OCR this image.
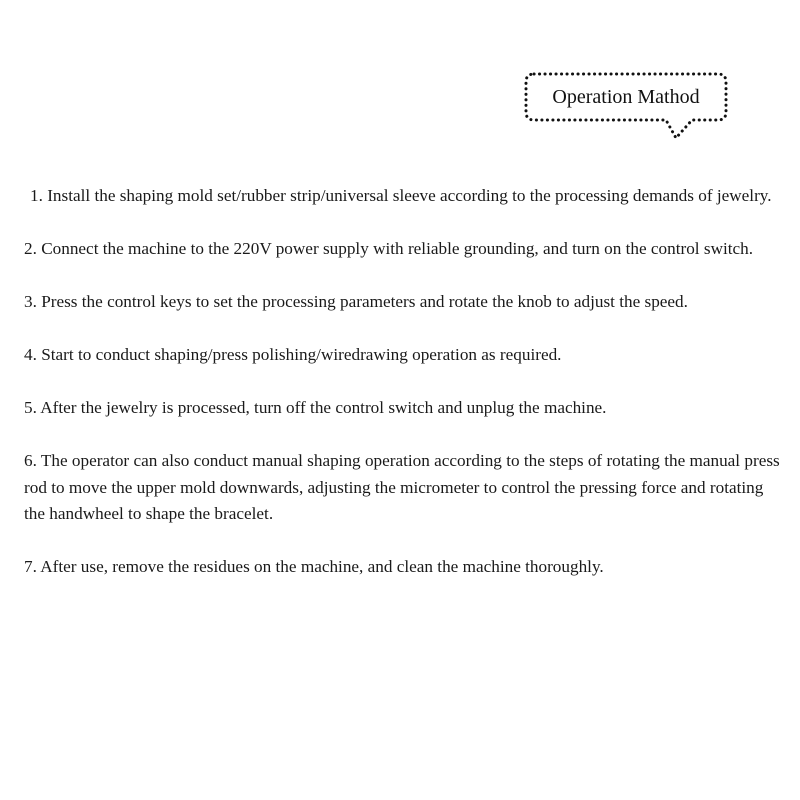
Operation Mathod
1. Install the shaping mold set/rubber strip/universal sleeve according to the processing demands of jewelry.
2. Connect the machine to the 220V power supply with reliable grounding, and turn on the control switch.
3. Press the control keys to set the processing parameters and rotate the knob to adjust the speed.
4. Start to conduct shaping/press polishing/wiredrawing operation as required.
5. After the jewelry is processed, turn off the control switch and unplug the machine.
6. The operator can also conduct manual shaping operation according to the steps of rotating the manual press rod to move the upper mold downwards, adjusting the micrometer to control the pressing force and rotating the handwheel to shape the bracelet.
7. After use, remove the residues on the machine, and clean the machine thoroughly.
